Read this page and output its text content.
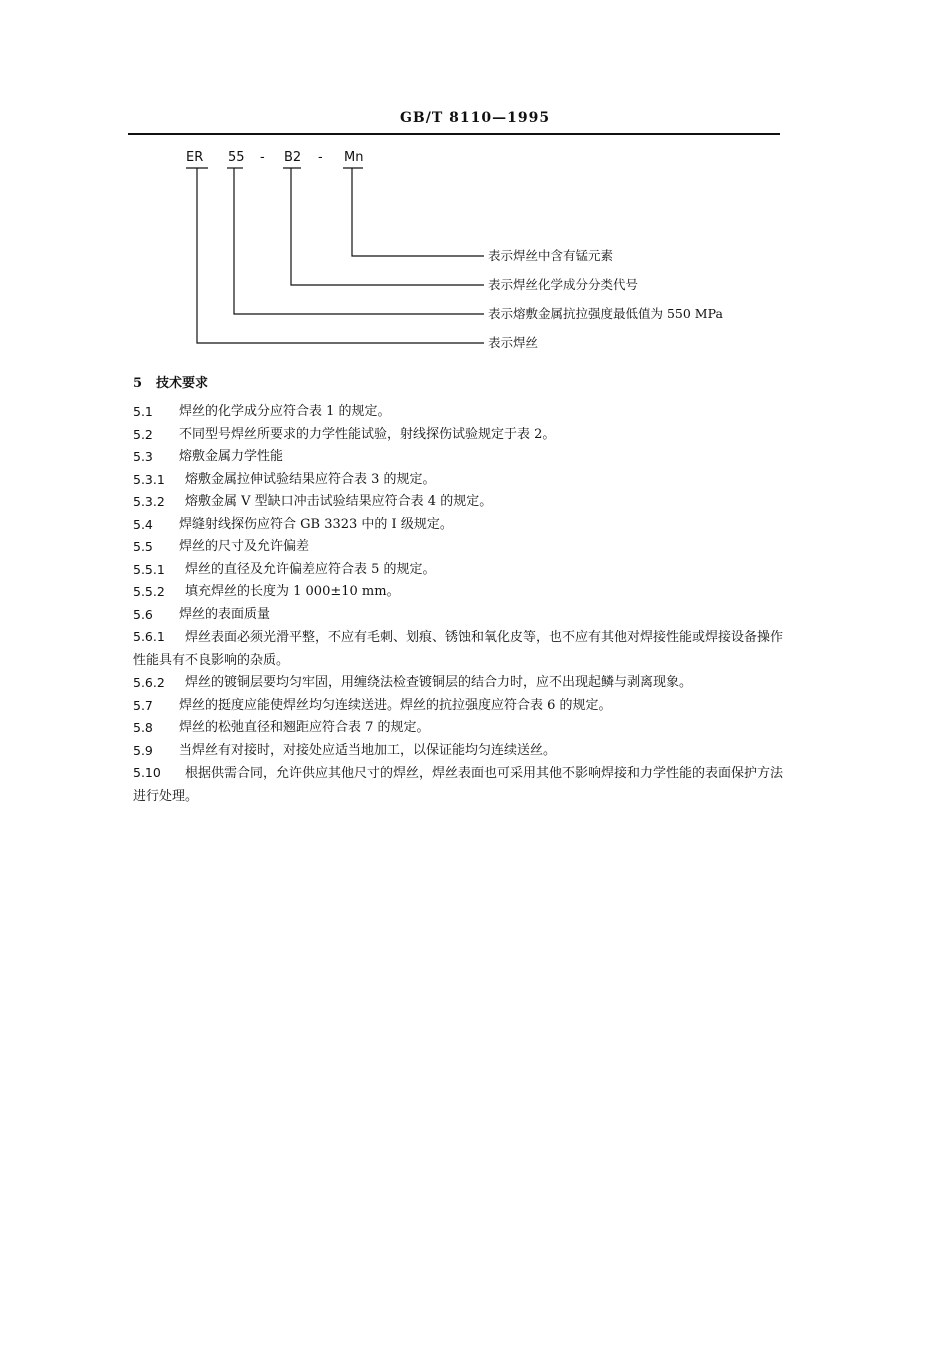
GB/T 8110—1995
ER 55 - B2 - Mn
表示焊丝中含有锰元素
表示焊丝化学成分分类代号
表示熔敷金属抗拉强度最低值为 550 MPa
表示焊丝
5 技术要求
5.1	焊丝的化学成分应符合表 1 的规定。
5.2	不同型号焊丝所要求的力学性能试验，射线探伤试验规定于表 2。
5.3	熔敷金属力学性能
5.3.1	熔敷金属拉伸试验结果应符合表 3 的规定。
5.3.2	熔敷金属 V 型缺口冲击试验结果应符合表 4 的规定。
5.4	焊缝射线探伤应符合 GB 3323 中的 Ⅰ 级规定。
5.5	焊丝的尺寸及允许偏差
5.5.1	焊丝的直径及允许偏差应符合表 5 的规定。
5.5.2	填充焊丝的长度为 1 000±10 mm。
5.6	焊丝的表面质量
5.6.1 焊丝表面必须光滑平整，不应有毛刺、划痕、锈蚀和氧化皮等，也不应有其他对焊接性能或焊接设备操作性能具有不良影响的杂质。
5.6.2	焊丝的镀铜层要均匀牢固，用缠绕法检查镀铜层的结合力时，应不出现起鳞与剥离现象。
5.7	焊丝的挺度应能使焊丝均匀连续送进。焊丝的抗拉强度应符合表 6 的规定。
5.8	焊丝的松弛直径和翘距应符合表 7 的规定。
5.9	当焊丝有对接时，对接处应适当地加工，以保证能均匀连续送丝。
5.10 根据供需合同，允许供应其他尺寸的焊丝，焊丝表面也可采用其他不影响焊接和力学性能的表面保护方法进行处理。
